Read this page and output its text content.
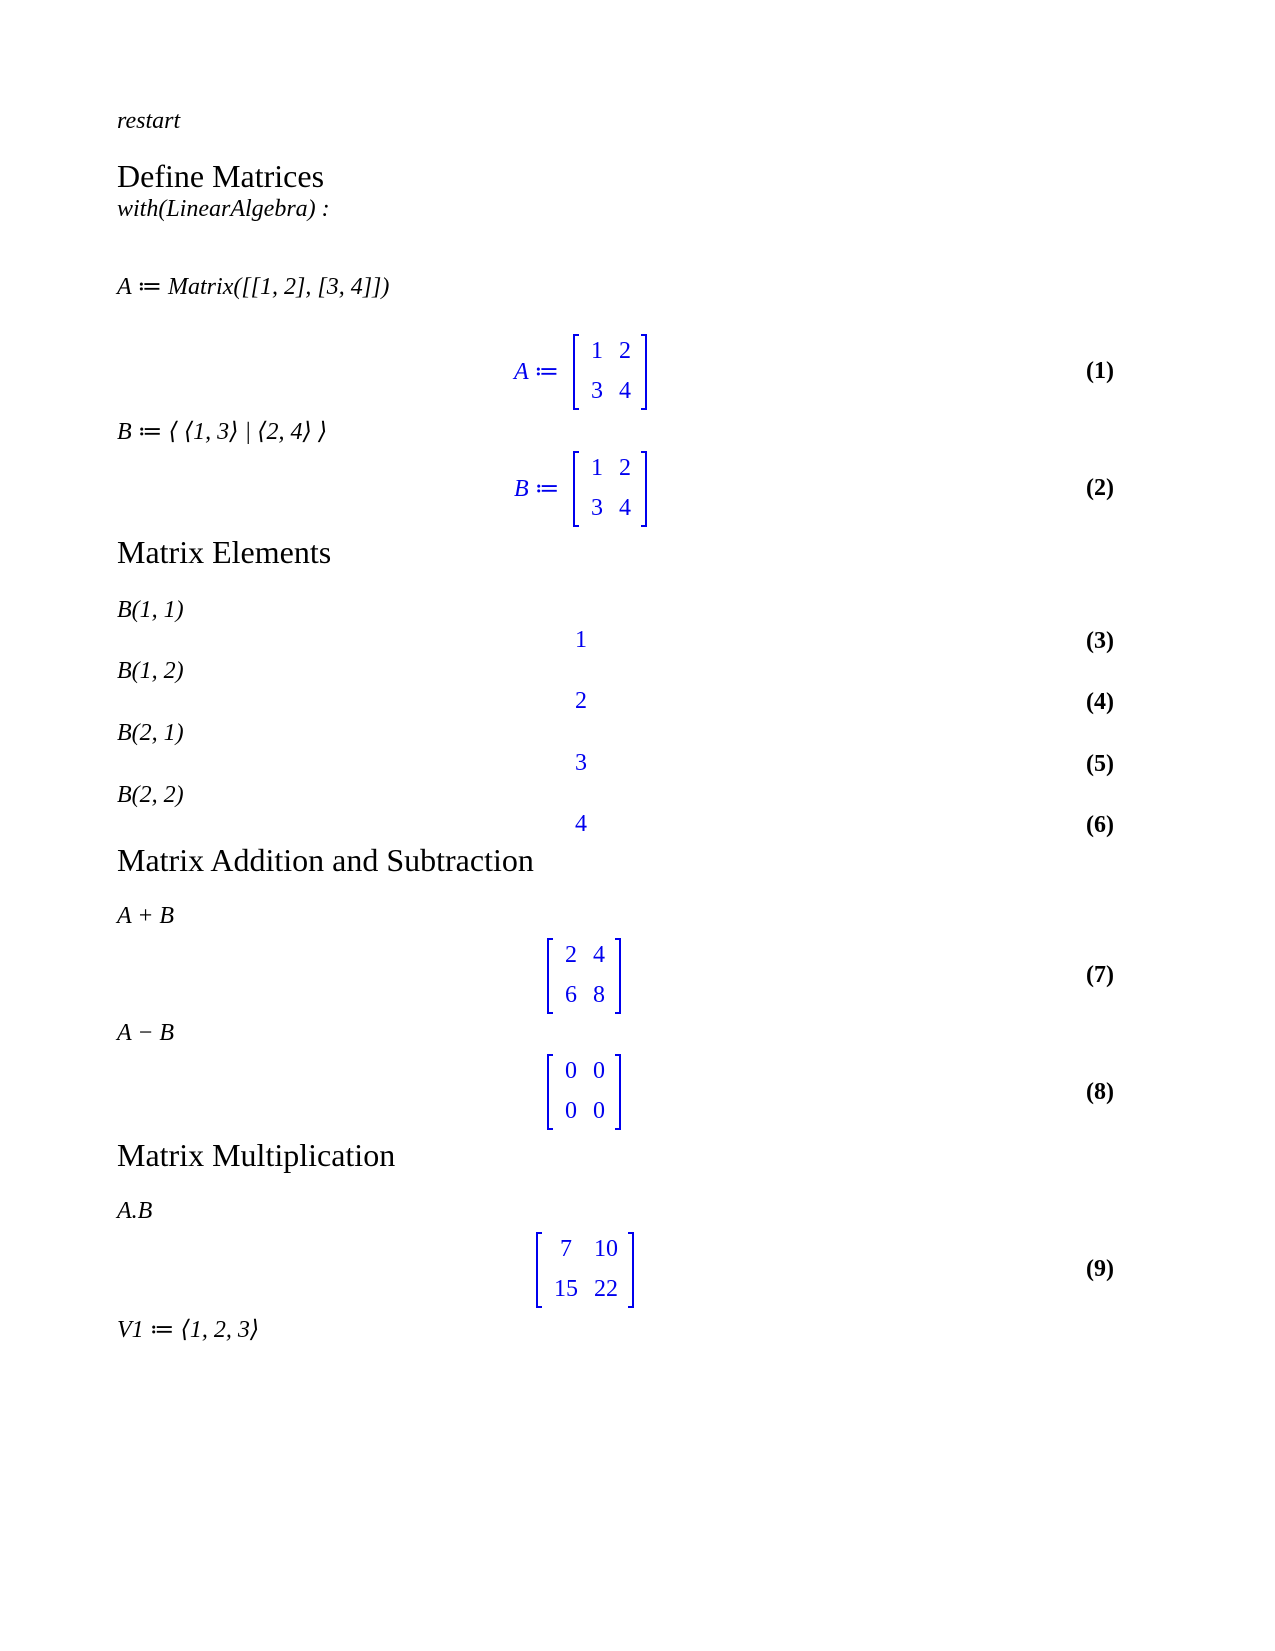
restart
Define Matrices
with(LinearAlgebra) :
A ≔ Matrix([[1, 2], [3, 4]])
A ≔
1 2
3 4
(1)
B ≔ ⟨ ⟨1, 3⟩ | ⟨2, 4⟩ ⟩
B ≔
1 2
3 4
(2)
Matrix Elements
B(1, 1)
1	(3)
B(1, 2)
2	(4)
B(2, 1)
3	(5)
B(2, 2)
4	(6)
Matrix Addition and Subtraction
A + B
2 4
6 8
(7)
A − B
0 0
0 0
(8)
Matrix Multiplication
A.B
7 10
15 22
(9)
V1 ≔ ⟨1, 2, 3⟩
